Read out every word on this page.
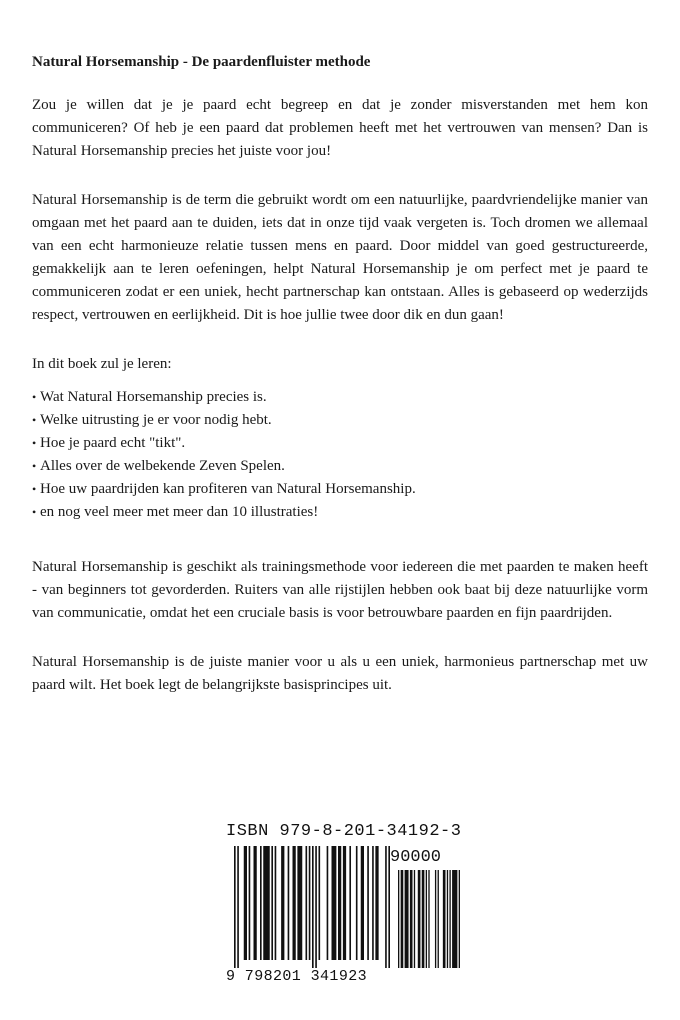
Natural Horsemanship - De paardenfluister methode

Zou je willen dat je je paard echt begreep en dat je zonder misverstanden met hem kon communiceren? Of heb je een paard dat problemen heeft met het vertrouwen van mensen? Dan is Natural Horsemanship precies het juiste voor jou!

Natural Horsemanship is de term die gebruikt wordt om een natuurlijke, paardvriendelijke manier van omgaan met het paard aan te duiden, iets dat in onze tijd vaak vergeten is. Toch dromen we allemaal van een echt harmonieuze relatie tussen mens en paard. Door middel van goed gestructureerde, gemakkelijk aan te leren oefeningen, helpt Natural Horsemanship je om perfect met je paard te communiceren zodat er een uniek, hecht partnerschap kan ontstaan. Alles is gebaseerd op wederzijds respect, vertrouwen en eerlijkheid. Dit is hoe jullie twee door dik en dun gaan!

In dit boek zul je leren:

• Wat Natural Horsemanship precies is.
• Welke uitrusting je er voor nodig hebt.
• Hoe je paard echt "tikt".
• Alles over de welbekende Zeven Spelen.
• Hoe uw paardrijden kan profiteren van Natural Horsemanship.
• en nog veel meer met meer dan 10 illustraties!

Natural Horsemanship is geschikt als trainingsmethode voor iedereen die met paarden te maken heeft - van beginners tot gevorderden. Ruiters van alle rijstijlen hebben ook baat bij deze natuurlijke vorm van communicatie, omdat het een cruciale basis is voor betrouwbare paarden en fijn paardrijden.

Natural Horsemanship is de juiste manier voor u als u een uniek, harmonieus partnerschap met uw paard wilt. Het boek legt de belangrijkste basisprincipes uit.

ISBN 979-8-201-34192-3
90000
9 798201 341923
